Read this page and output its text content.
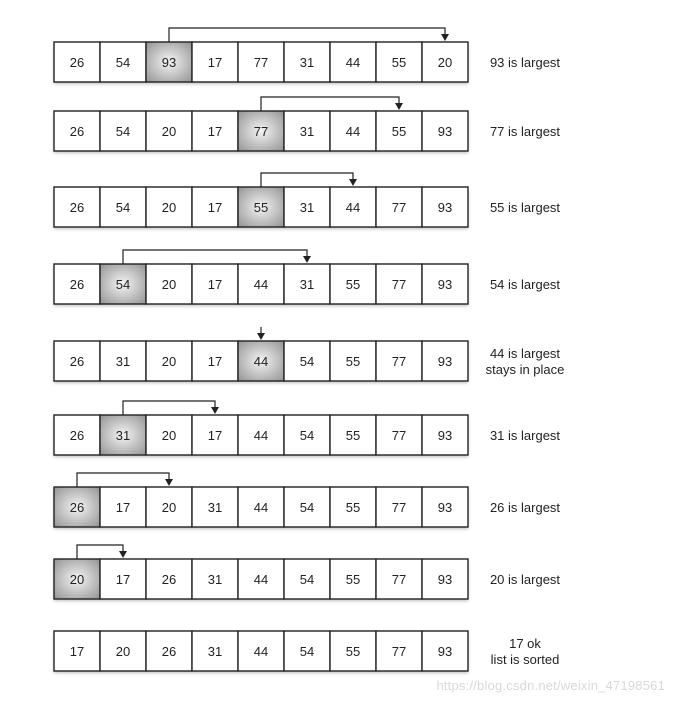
26 54 93 17 77 31 44 55 20	93 is largest
26 54 20 17 77 31 44 55 93	77 is largest
26 54 20 17 55 31 44 77 93	55 is largest
26 54 20 17 44 31 55 77 93	54 is largest
26 31 20 17 44 54 55 77 93
44 is largest
stays in place
26 31 20 17 44 54 55 77 93	31 is largest
26 17 20 31 44 54 55 77 93	26 is largest
20 17 26 31 44 54 55 77 93	20 is largest
17 20 26 31 44 54 55 77 93
17 ok
list is sorted
https://blog.csdn.net/weixin_47198561
